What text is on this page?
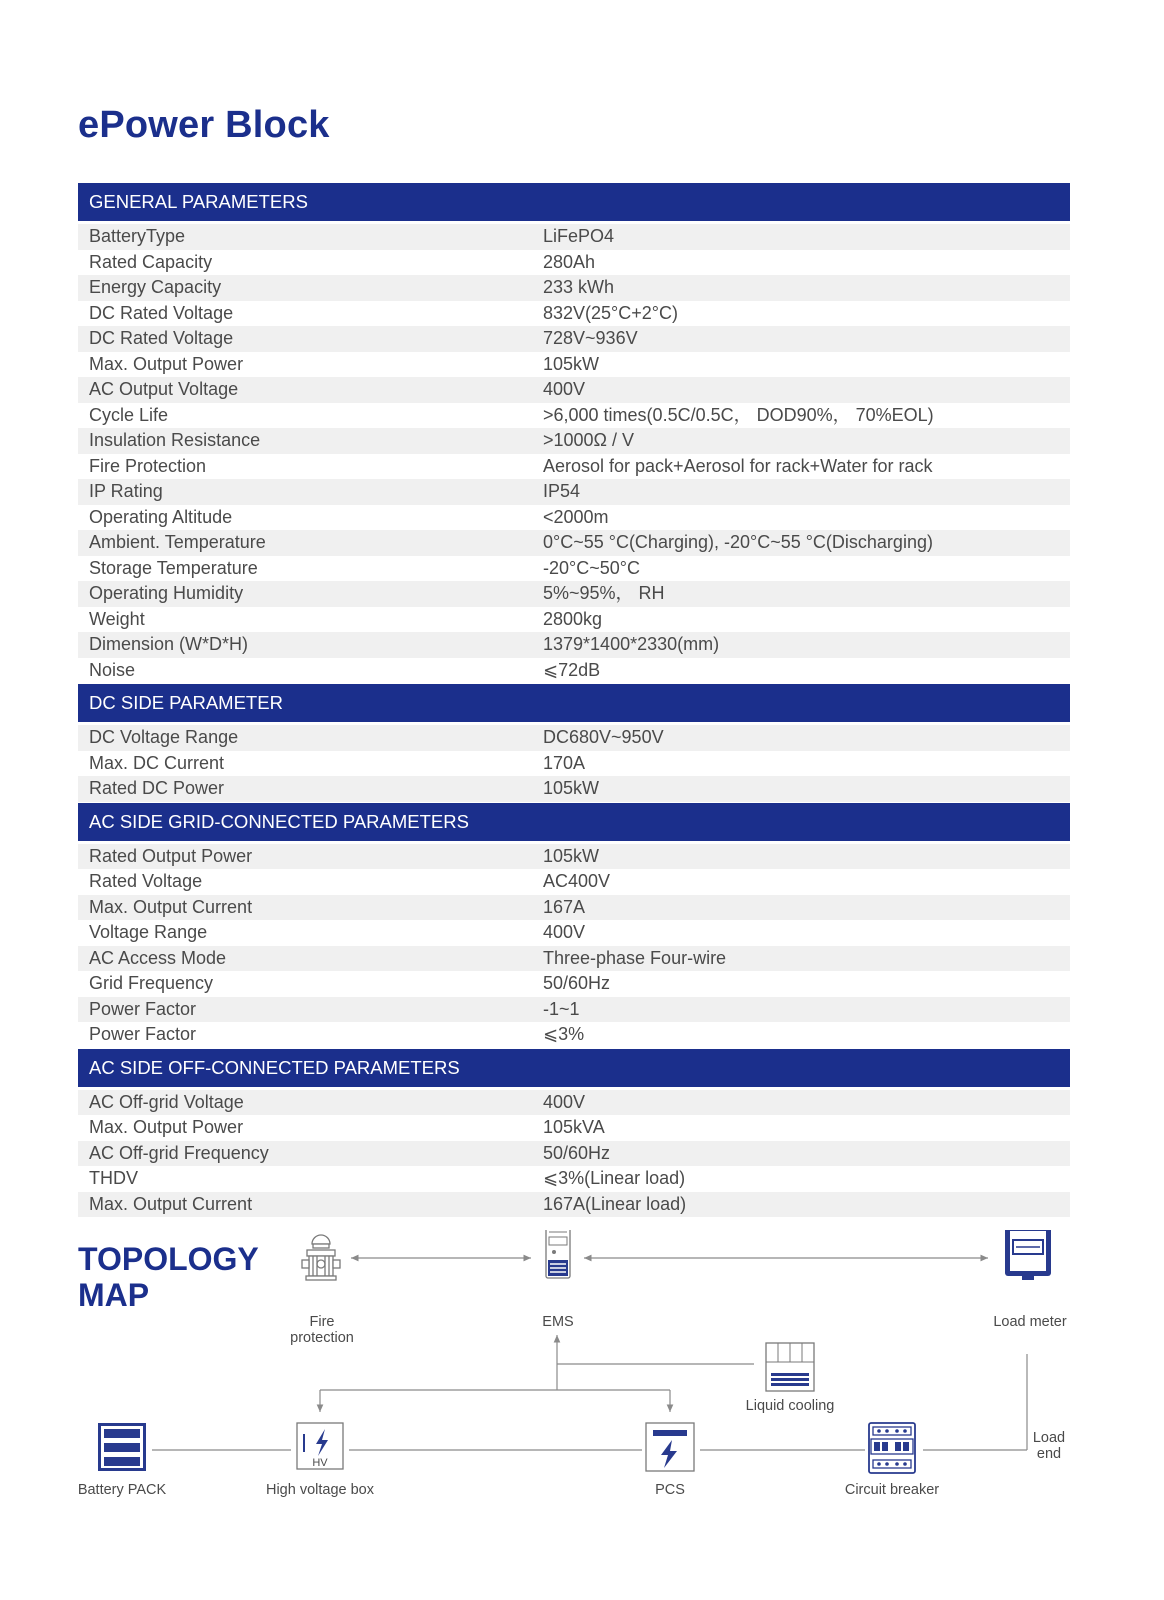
ePower Block
GENERAL PARAMETERS
BatteryType	LiFePO4
Rated Capacity	280Ah
Energy Capacity	233 kWh
DC Rated Voltage	832V(25°C+2°C)
DC Rated Voltage	728V~936V
Max. Output Power	105kW
AC Output Voltage	400V
Cycle Life	>6,000 times(0.5C/0.5C， DOD90%， 70%EOL)
Insulation Resistance	>1000Ω / V
Fire Protection	Aerosol for pack+Aerosol for rack+Water for rack
IP Rating	IP54
Operating Altitude	<2000m
Ambient. Temperature	0°C~55 °C(Charging), -20°C~55 °C(Discharging)
Storage Temperature	-20°C~50°C
Operating Humidity	5%~95%， RH
Weight	2800kg
Dimension (W*D*H)	1379*1400*2330(mm)
Noise	⩽72dB
DC SIDE PARAMETER
DC Voltage Range	DC680V~950V
Max. DC Current	170A
Rated DC Power	105kW
AC SIDE GRID-CONNECTED PARAMETERS
Rated Output Power	105kW
Rated Voltage	AC400V
Max. Output Current	167A
Voltage Range	400V
AC Access Mode	Three-phase Four-wire
Grid Frequency	50/60Hz
Power Factor	-1~1
Power Factor	⩽3%
AC SIDE OFF-CONNECTED PARAMETERS
AC Off-grid Voltage	400V
Max. Output Power	105kVA
AC Off-grid Frequency	50/60Hz
THDV	⩽3%(Linear load)
Max. Output Current	167A(Linear load)
TOPOLOGY
MAP
HV
Fire
protection
EMS	Load meter
Liquid cooling
Battery PACK	High voltage box	PCS	Circuit breaker
Load
end
